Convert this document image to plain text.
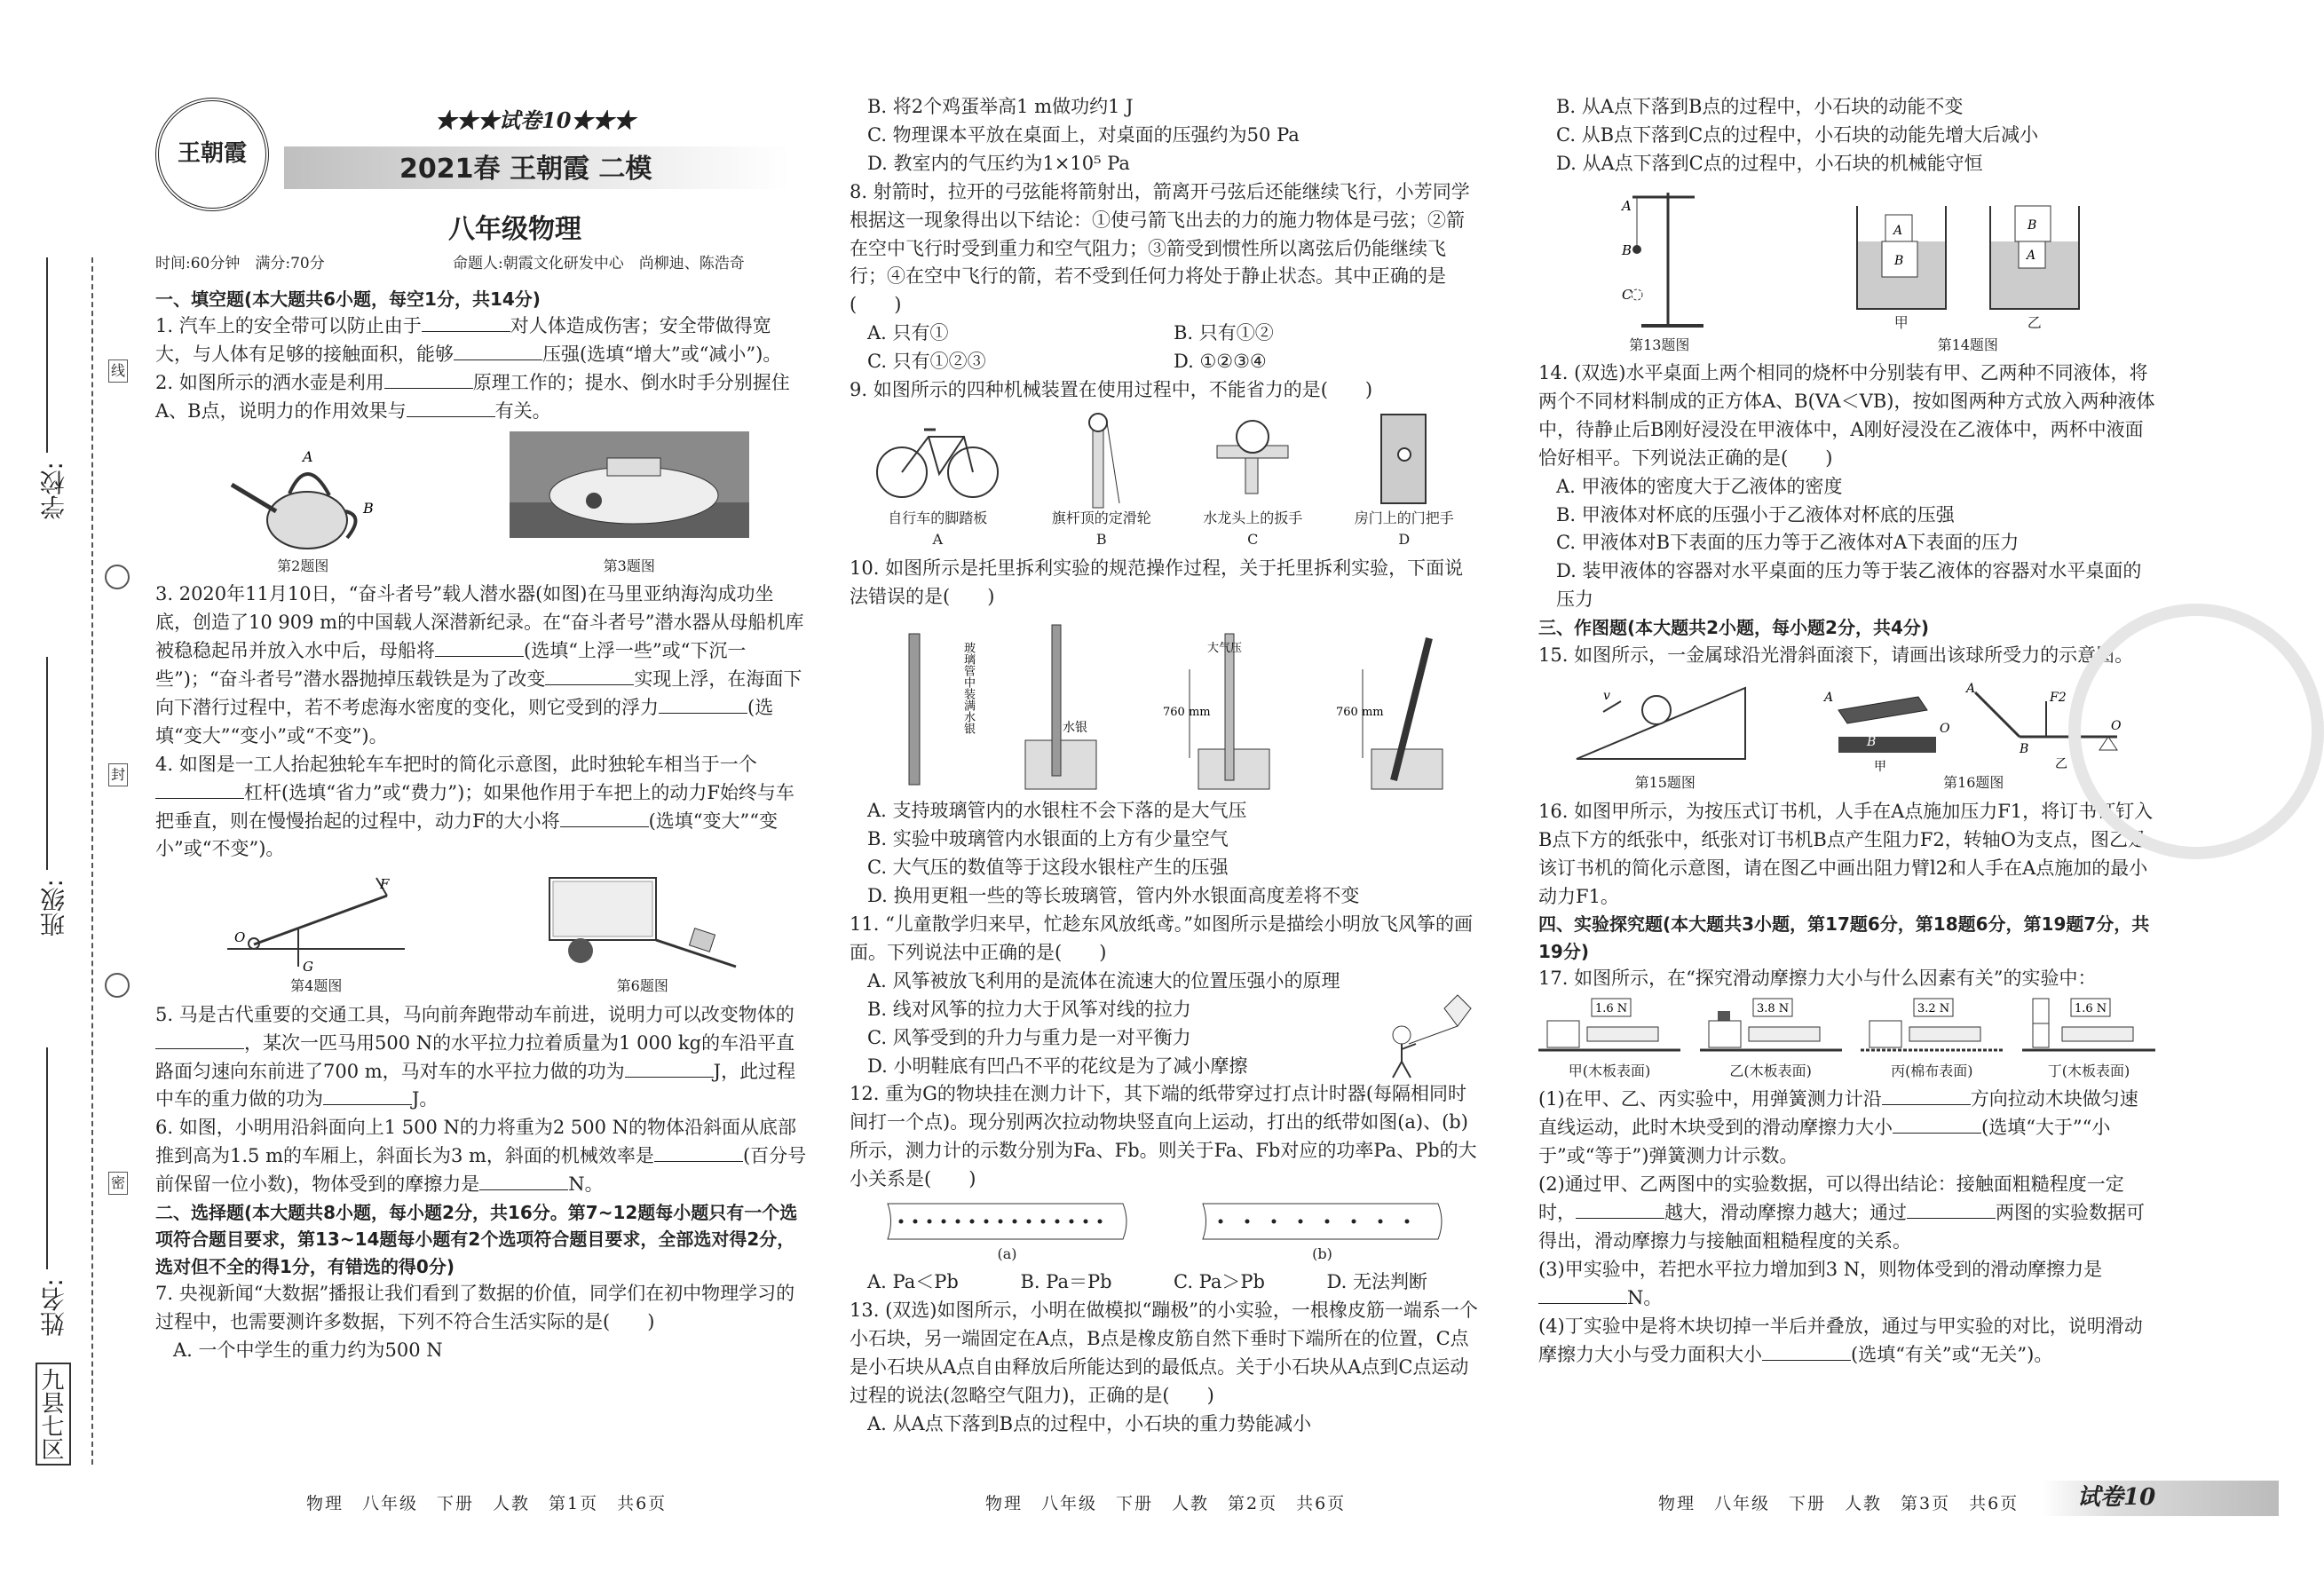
学校:
班级:
姓名:
九县七区
线
封
密
王朝霞
★★★试卷10★★★
2021春 王朝霞 二模
八年级物理
时间:60分钟　满分:70分	命题人:朝霞文化研发中心　尚柳迪、陈浩奇

一、填空题(本大题共6小题，每空1分，共14分)

1. 汽车上的安全带可以防止由于	对人体造成伤害；安全带做得宽大，与人体有足够的接触面积，能够	压强(选填“增大”或“减小”)。

2. 如图所示的洒水壶是利用	原理工作的；提水、倒水时手分别握住A、B点，说明力的作用效果与	有关。

A
B
第2题图	第3题图

3. 2020年11月10日，“奋斗者号”载人潜水器(如图)在马里亚纳海沟成功坐底，创造了10 909 m的中国载人深潜新纪录。在“奋斗者号”潜水器从母船机库被稳稳起吊并放入水中后，母船将	(选填“上浮一些”或“下沉一些”)；“奋斗者号”潜水器抛掉压载铁是为了改变	实现上浮，在海面下向下潜行过程中，若不考虑海水密度的变化，则它受到的浮力	(选填“变大”“变小”或“不变”)。

4. 如图是一工人抬起独轮车车把时的简化示意图，此时独轮车相当于一个杠杆(选填“省力”或“费力”)；如果他作用于车把上的动力F始终与车把垂直，则在慢慢抬起的过程中，动力F的大小将	(选填“变大”“变小”或“不变”)。

O
F
G
第4题图	第6题图

5. 马是古代重要的交通工具，马向前奔跑带动车前进，说明力可以改变物体的，某次一匹马用500 N的水平拉力拉着质量为1 000 kg的车沿平直路面匀速向东前进了700 m，马对车的水平拉力做的功为	J，此过程中车的重力做的功为	J。

6. 如图，小明用沿斜面向上1 500 N的力将重为2 500 N的物体沿斜面从底部推到高为1.5 m的车厢上，斜面长为3 m，斜面的机械效率是	(百分号前保留一位小数)，物体受到的摩擦力是	N。

二、选择题(本大题共8小题，每小题2分，共16分。第7~12题每小题只有一个选项符合题目要求，第13~14题每小题有2个选项符合题目要求，全部选对得2分，选对但不全的得1分，有错选的得0分)

7. 央视新闻“大数据”播报让我们看到了数据的价值，同学们在初中物理学习的过程中，也需要测许多数据，下列不符合生活实际的是(　　)

A. 一个中学生的重力约为500 N

B. 将2个鸡蛋举高1 m做功约1 J

C. 物理课本平放在桌面上，对桌面的压强约为50 Pa

D. 教室内的气压约为1×10⁵ Pa

8. 射箭时，拉开的弓弦能将箭射出，箭离开弓弦后还能继续飞行，小芳同学根据这一现象得出以下结论：①使弓箭飞出去的力的施力物体是弓弦；②箭在空中飞行时受到重力和空气阻力；③箭受到惯性所以离弦后仍能继续飞行；④在空中飞行的箭，若不受到任何力将处于静止状态。其中正确的是(　　)

A. 只有①	B. 只有①②
C. 只有①②③	D. ①②③④

9. 如图所示的四种机械装置在使用过程中，不能省力的是(　　)

自行车的脚踏板
A
旗杆顶的定滑轮
B
水龙头上的扳手
C
房门上的门把手
D

10. 如图所示是托里拆利实验的规范操作过程，关于托里拆利实验，下面说法错误的是(　　)

玻璃管中装满水银
水银
760 mm
大气压
760 mm

A. 支持玻璃管内的水银柱不会下落的是大气压

B. 实验中玻璃管内水银面的上方有少量空气

C. 大气压的数值等于这段水银柱产生的压强

D. 换用更粗一些的等长玻璃管，管内外水银面高度差将不变

11. “儿童散学归来早，忙趁东风放纸鸢。”如图所示是描绘小明放飞风筝的画面。下列说法中正确的是(　　)

A. 风筝被放飞利用的是流体在流速大的位置压强小的原理

B. 线对风筝的拉力大于风筝对线的拉力

C. 风筝受到的升力与重力是一对平衡力

D. 小明鞋底有凹凸不平的花纹是为了减小摩擦

12. 重为G的物块挂在测力计下，其下端的纸带穿过打点计时器(每隔相同时间打一个点)。现分别两次拉动物块竖直向上运动，打出的纸带如图(a)、(b)所示，测力计的示数分别为Fa、Fb。则关于Fa、Fb对应的功率Pa、Pb的大小关系是(　　)

(a)	(b)
A. Pa＜Pb	B. Pa＝Pb	C. Pa＞Pb	D. 无法判断

13. (双选)如图所示，小明在做模拟“蹦极”的小实验，一根橡皮筋一端系一个小石块，另一端固定在A点，B点是橡皮筋自然下垂时下端所在的位置，C点是小石块从A点自由释放后所能达到的最低点。关于小石块从A点到C点运动过程的说法(忽略空气阻力)，正确的是(　　)

A. 从A点下落到B点的过程中，小石块的重力势能减小

B. 从A点下落到B点的过程中，小石块的动能不变

C. 从B点下落到C点的过程中，小石块的动能先增大后减小

D. 从A点下落到C点的过程中，小石块的机械能守恒

A
B
C
第13题图
A
B
甲
B
A
乙
第14题图

14. (双选)水平桌面上两个相同的烧杯中分别装有甲、乙两种不同液体，将两个不同材料制成的正方体A、B(VA＜VB)，按如图两种方式放入两种液体中，待静止后B刚好浸没在甲液体中，A刚好浸没在乙液体中，两杯中液面恰好相平。下列说法正确的是(　　)

A. 甲液体的密度大于乙液体的密度

B. 甲液体对杯底的压强小于乙液体对杯底的压强

C. 甲液体对B下表面的压力等于乙液体对A下表面的压力

D. 装甲液体的容器对水平桌面的压力等于装乙液体的容器对水平桌面的压力

三、作图题(本大题共2小题，每小题2分，共4分)

15. 如图所示，一金属球沿光滑斜面滚下，请画出该球所受力的示意图。

v
第15题图
A
B
O
甲
A
B
F2
O
乙
第16题图

16. 如图甲所示，为按压式订书机，人手在A点施加压力F1，将订书钉钉入B点下方的纸张中，纸张对订书机B点产生阻力F2，转轴O为支点，图乙是该订书机的简化示意图，请在图乙中画出阻力臂l2和人手在A点施加的最小动力F1。

四、实验探究题(本大题共3小题，第17题6分，第18题6分，第19题7分，共19分)

17. 如图所示，在“探究滑动摩擦力大小与什么因素有关”的实验中：

1.6 N
甲(木板表面)
3.8 N
乙(木板表面)
3.2 N
丙(棉布表面)
1.6 N
丁(木板表面)

(1)在甲、乙、丙实验中，用弹簧测力计沿	方向拉动木块做匀速直线运动，此时木块受到的滑动摩擦力大小	(选填“大于”“小于”或“等于”)弹簧测力计示数。

(2)通过甲、乙两图中的实验数据，可以得出结论：接触面粗糙程度一定时，	越大，滑动摩擦力越大；通过	两图的实验数据可得出，滑动摩擦力与接触面粗糙程度的关系。

(3)甲实验中，若把水平拉力增加到3 N，则物体受到的滑动摩擦力是N。

(4)丁实验中是将木块切掉一半后并叠放，通过与甲实验的对比，说明滑动摩擦力大小与受力面积大小	(选填“有关”或“无关”)。

物理　八年级　下册　人教　第1页　共6页	物理　八年级　下册　人教　第2页　共6页	物理　八年级　下册　人教　第3页　共6页	试卷10
